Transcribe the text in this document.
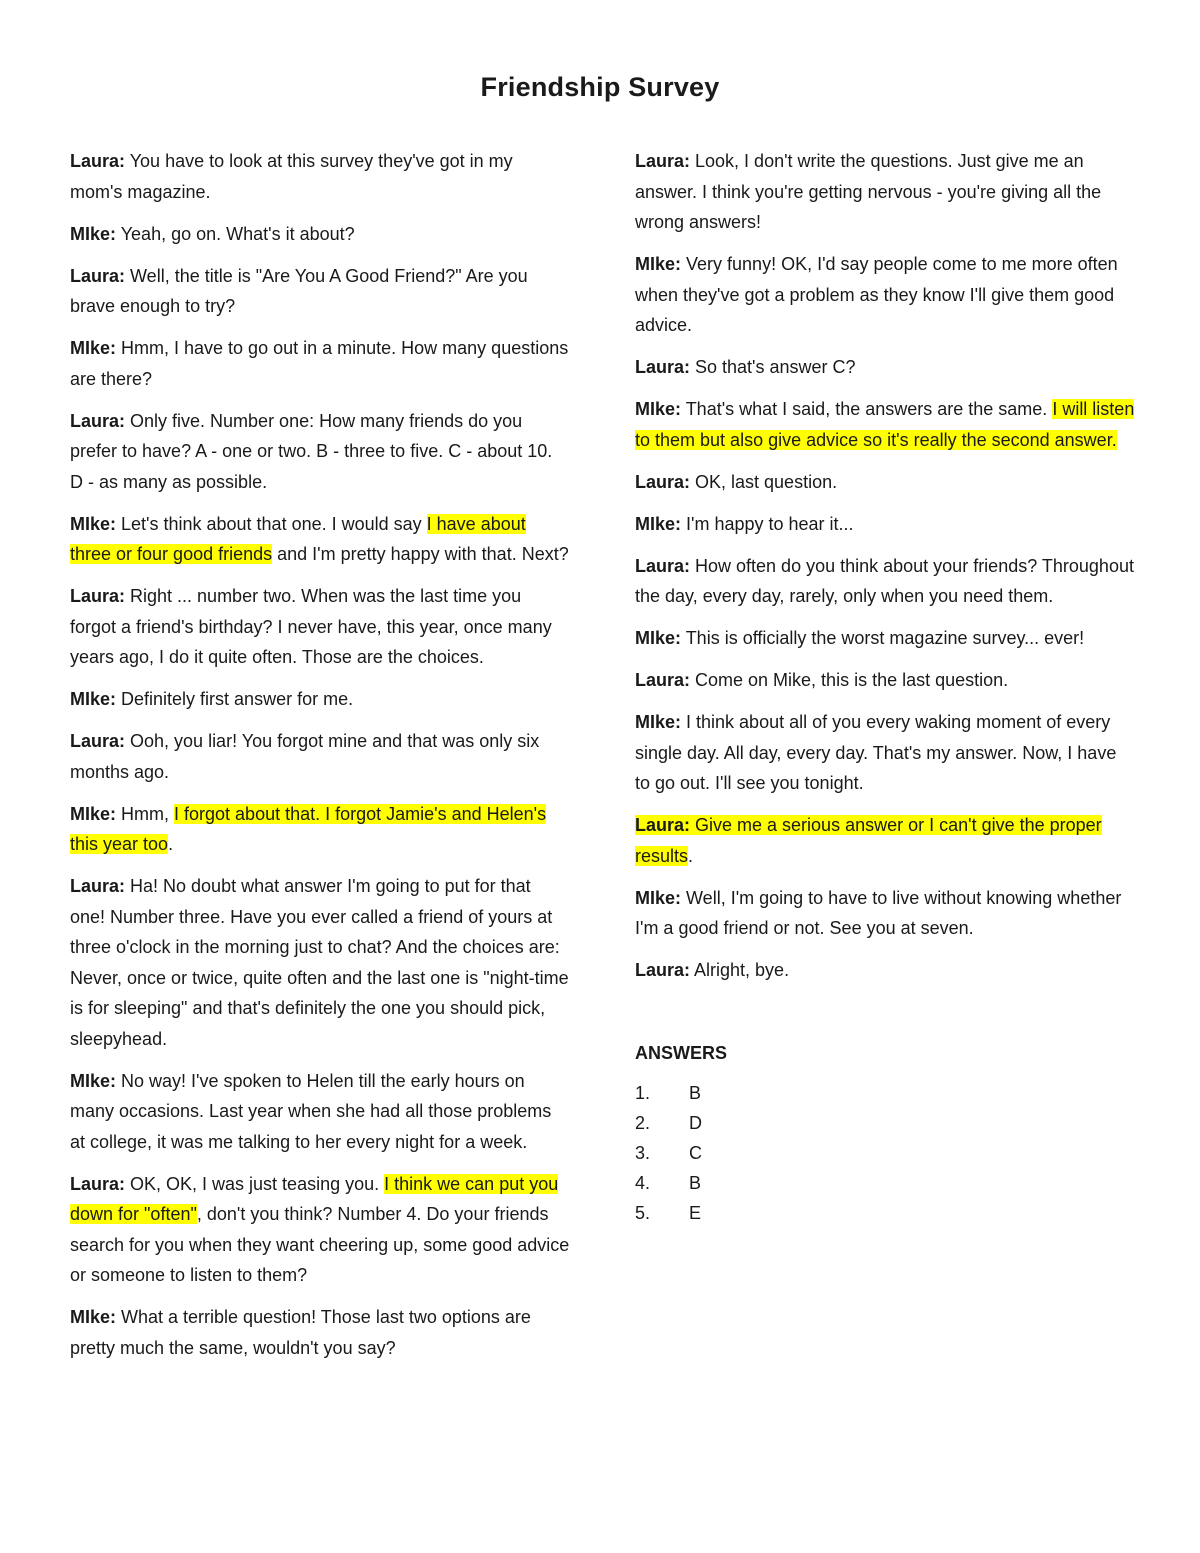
Friendship Survey

Laura: You have to look at this survey they've got in my mom's magazine.

MIke: Yeah, go on. What's it about?

Laura: Well, the title is "Are You A Good Friend?" Are you brave enough to try?

MIke: Hmm, I have to go out in a minute. How many questions are there?

Laura: Only five. Number one: How many friends do you prefer to have? A - one or two. B - three to five. C - about 10. D - as many as possible.

MIke: Let's think about that one. I would say I have about three or four good friends and I'm pretty happy with that. Next?

Laura: Right ... number two. When was the last time you forgot a friend's birthday? I never have, this year, once many years ago, I do it quite often. Those are the choices.

MIke: Definitely first answer for me.

Laura: Ooh, you liar! You forgot mine and that was only six months ago.

MIke: Hmm, I forgot about that. I forgot Jamie's and Helen's this year too.

Laura: Ha! No doubt what answer I'm going to put for that one! Number three. Have you ever called a friend of yours at three o'clock in the morning just to chat? And the choices are: Never, once or twice, quite often and the last one is "night-time is for sleeping" and that's definitely the one you should pick, sleepyhead.

MIke: No way! I've spoken to Helen till the early hours on many occasions. Last year when she had all those problems at college, it was me talking to her every night for a week.

Laura: OK, OK, I was just teasing you. I think we can put you down for "often", don't you think? Number 4. Do your friends search for you when they want cheering up, some good advice or someone to listen to them?

MIke: What a terrible question! Those last two options are pretty much the same, wouldn't you say?

Laura: Look, I don't write the questions. Just give me an answer. I think you're getting nervous - you're giving all the wrong answers!

MIke: Very funny! OK, I'd say people come to me more often when they've got a problem as they know I'll give them good advice.

Laura: So that's answer C?

MIke: That's what I said, the answers are the same. I will listen to them but also give advice so it's really the second answer.

Laura: OK, last question.

MIke: I'm happy to hear it...

Laura: How often do you think about your friends? Throughout the day, every day, rarely, only when you need them.

MIke: This is officially the worst magazine survey... ever!

Laura: Come on Mike, this is the last question.

MIke: I think about all of you every waking moment of every single day. All day, every day. That's my answer. Now, I have to go out. I'll see you tonight.

Laura: Give me a serious answer or I can't give the proper results.

MIke: Well, I'm going to have to live without knowing whether I'm a good friend or not. See you at seven.

Laura: Alright, bye.

ANSWERS
1.	B
2.	D
3.	C
4.	B
5.	E
